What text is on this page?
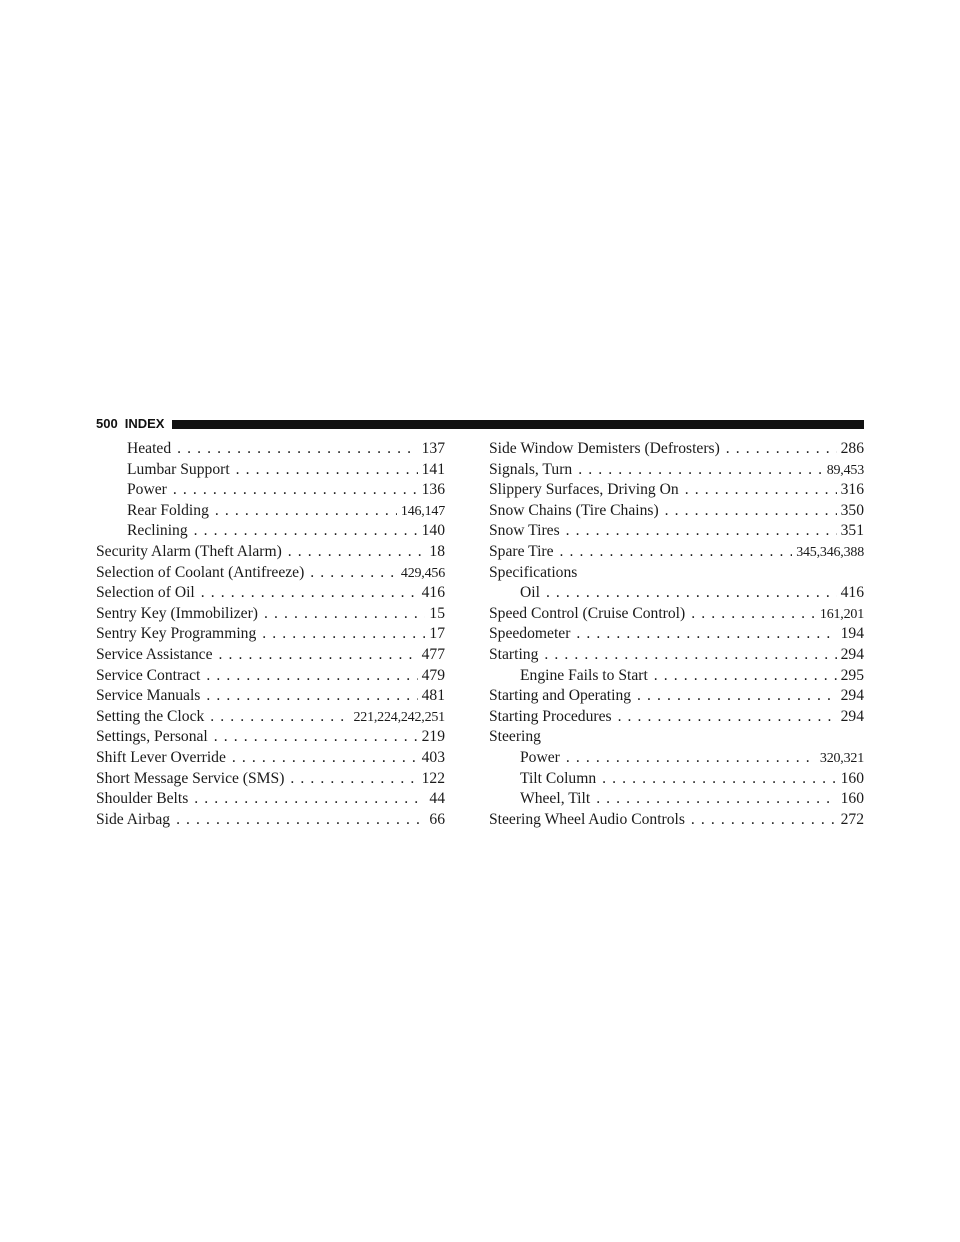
500 INDEX
Heated . . .	137
Lumbar Support . . .	141
Power . . .	136
Rear Folding . . .	146,147
Reclining . . .	140
Security Alarm (Theft Alarm) . . .	18
Selection of Coolant (Antifreeze) . . .	429,456
Selection of Oil . . .	416
Sentry Key (Immobilizer) . . .	15
Sentry Key Programming . . .	17
Service Assistance . . .	477
Service Contract . . .	479
Service Manuals . . .	481
Setting the Clock . . .	221,224,242,251
Settings, Personal . . .	219
Shift Lever Override . . .	403
Short Message Service (SMS) . . .	122
Shoulder Belts . . .	44
Side Airbag . . .	66
Side Window Demisters (Defrosters) . . .	286
Signals, Turn . . .	89,453
Slippery Surfaces, Driving On . . .	316
Snow Chains (Tire Chains) . . .	350
Snow Tires . . .	351
Spare Tire . . .	345,346,388
Specifications
Oil . . .	416
Speed Control (Cruise Control) . . .	161,201
Speedometer . . .	194
Starting . . .	294
Engine Fails to Start . . .	295
Starting and Operating . . .	294
Starting Procedures . . .	294
Steering
Power . . .	320,321
Tilt Column . . .	160
Wheel, Tilt . . .	160
Steering Wheel Audio Controls . . .	272
